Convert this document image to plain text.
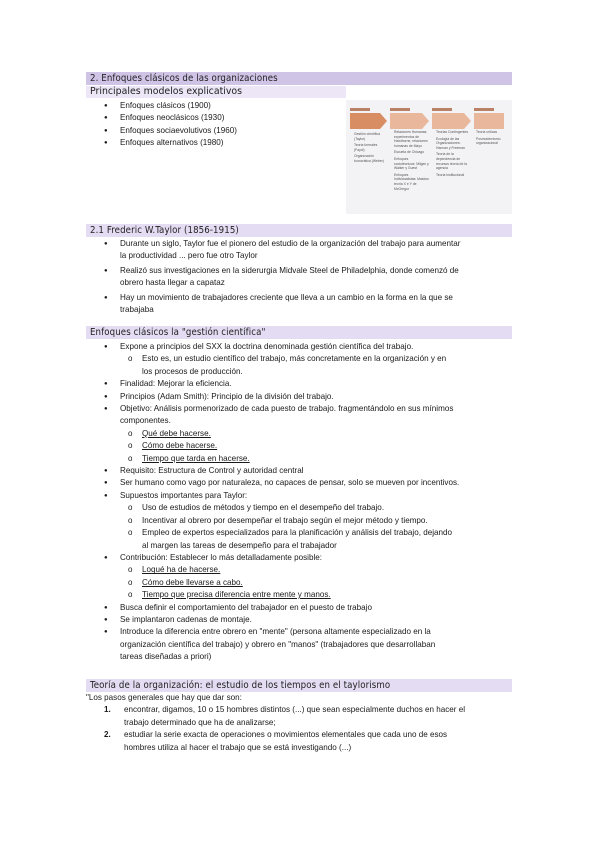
2. Enfoques clásicos de las organizaciones
Principales modelos explicativos
● Enfoques clásicos (1900)
● Enfoques neoclásicos (1930)
● Enfoques sociaevolutivos (1960)
● Enfoques alternativos (1980)
Gestión científica (Taylor)
Teoría formales (Fayol)
Organización burocrática (Weber)
Relaciones Humanas: experimentos de Hawthorne, relaciones humanas de Mayo
Escuela de Chicago
Enfoques sociotécnicos: Milgen y Walker y Guest
Enfoques Individualistas: Maslow teoría X e Y de McGregor
Teorías Contingentes
Ecología de las Organizaciones: Hannan y Freeman
Teoría de la dependencia de recursos teoría de la agencia
Teoría institucional
Teoría críticas
Posmodernismo organizacional
2.1 Frederic W.Taylor (1856-1915)
● Durante un siglo, Taylor fue el pionero del estudio de la organización del trabajo para aumentar
la productividad ... pero fue otro Taylor
● Realizó sus investigaciones en la siderurgia Midvale Steel de Philadelphia, donde comenzó de
obrero hasta llegar a capataz
● Hay un movimiento de trabajadores creciente que lleva a un cambio en la forma en la que se
trabajaba
Enfoques clásicos la "gestión científica"
● Expone a principios del SXX la doctrina denominada gestión científica del trabajo.
o Esto es, un estudio científico del trabajo, más concretamente en la organización y en
los procesos de producción.
● Finalidad: Mejorar la eficiencia.
● Principios (Adam Smith): Principio de la división del trabajo.
● Objetivo: Análisis pormenorizado de cada puesto de trabajo. fragmentándolo en sus mínimos
componentes.
o Qué debe hacerse.
o Cómo debe hacerse.
o Tiempo que tarda en hacerse.
● Requisito: Estructura de Control y autoridad central
● Ser humano como vago por naturaleza, no capaces de pensar, solo se mueven por incentivos.
● Supuestos importantes para Taylor:
o Uso de estudios de métodos y tiempo en el desempeño del trabajo.
o Incentivar al obrero por desempeñar el trabajo según el mejor método y tiempo.
o Empleo de expertos especializados para la planificación y análisis del trabajo, dejando
al margen las tareas de desempeño para el trabajador
● Contribución: Establecer lo más detalladamente posible:
o Loqué ha de hacerse.
o Cómo debe llevarse a cabo.
o Tiempo que precisa diferencia entre mente y manos.
● Busca definir el comportamiento del trabajador en el puesto de trabajo
● Se implantaron cadenas de montaje.
● Introduce la diferencia entre obrero en "mente" (persona altamente especializado en la
organización científica del trabajo) y obrero en "manos" (trabajadores que desarrollaban
tareas diseñadas a priori)
Teoría de la organización: el estudio de los tiempos en el taylorismo
"Los pasos generales que hay que dar son:
1. encontrar, digamos, 10 o 15 hombres distintos (...) que sean especialmente duchos en hacer el
trabajo determinado que ha de analizarse;
2. estudiar la serie exacta de operaciones o movimientos elementales que cada uno de esos
hombres utiliza al hacer el trabajo que se está investigando (...)
